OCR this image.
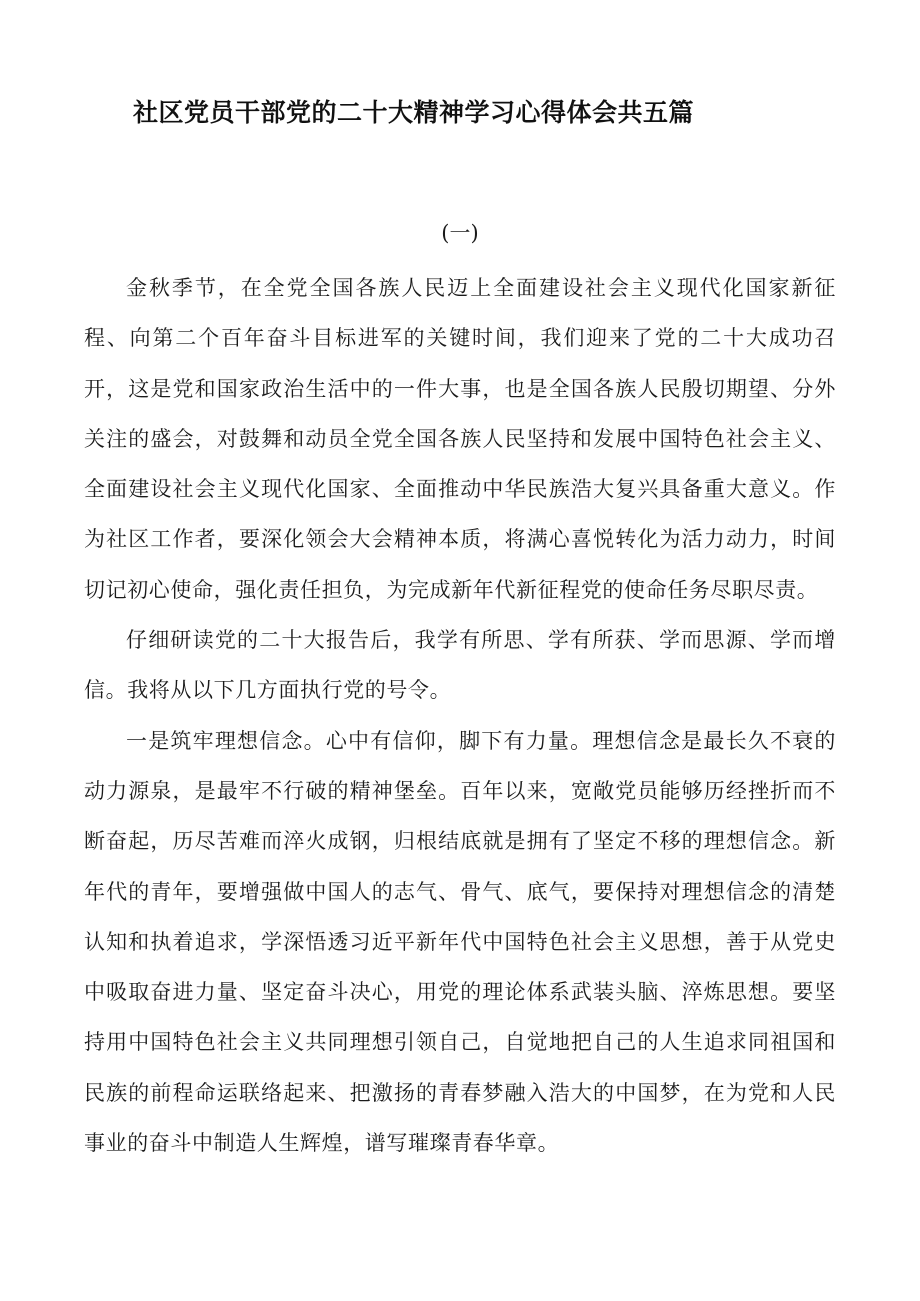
社区党员干部党的二十大精神学习心得体会共五篇
(一)

金秋季节，在全党全国各族人民迈上全面建设社会主义现代化国家新征程、向第二个百年奋斗目标进军的关键时间，我们迎来了党的二十大成功召开，这是党和国家政治生活中的一件大事，也是全国各族人民殷切期望、分外关注的盛会，对鼓舞和动员全党全国各族人民坚持和发展中国特色社会主义、全面建设社会主义现代化国家、全面推动中华民族浩大复兴具备重大意义。作为社区工作者，要深化领会大会精神本质，将满心喜悦转化为活力动力，时间切记初心使命，强化责任担负，为完成新年代新征程党的使命任务尽职尽责。

仔细研读党的二十大报告后，我学有所思、学有所获、学而思源、学而增信。我将从以下几方面执行党的号令。

一是筑牢理想信念。心中有信仰，脚下有力量。理想信念是最长久不衰的动力源泉，是最牢不行破的精神堡垒。百年以来，宽敞党员能够历经挫折而不断奋起，历尽苦难而淬火成钢，归根结底就是拥有了坚定不移的理想信念。新年代的青年，要增强做中国人的志气、骨气、底气，要保持对理想信念的清楚认知和执着追求，学深悟透习近平新年代中国特色社会主义思想，善于从党史中吸取奋进力量、坚定奋斗决心，用党的理论体系武装头脑、淬炼思想。要坚持用中国特色社会主义共同理想引领自己，自觉地把自己的人生追求同祖国和民族的前程命运联络起来、把激扬的青春梦融入浩大的中国梦，在为党和人民事业的奋斗中制造人生辉煌，谱写璀璨青春华章。
